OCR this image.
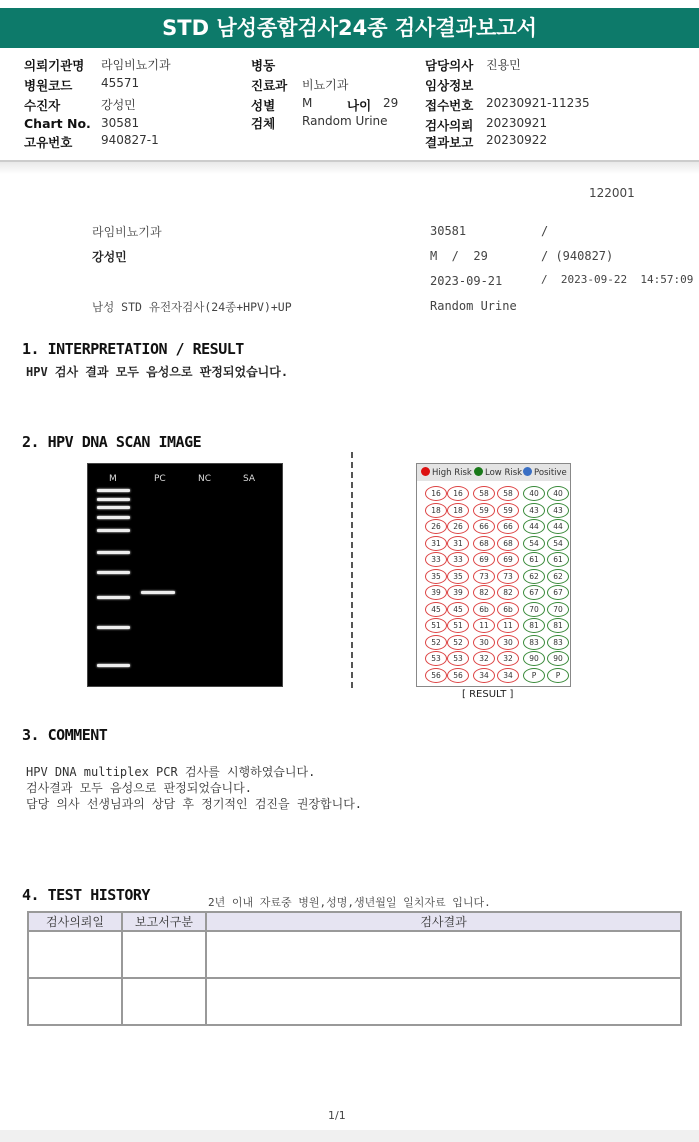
STD 남성종합검사24종 검사결과보고서
의뢰기관명 라임비뇨기과
병원코드 45571
수진자	강성민
Chart No. 30581
고유번호 940827-1
병동
진료과 비뇨기과
성별 M	나이 29
검체 Random Urine
담당의사 진용민
임상정보
접수번호 20230921-11235
검사의뢰 20230921
결과보고 20230922
122001
라임비뇨기과
강성민
남성 STD 유전자검사(24종+HPV)+UP
30581	/
M  /  29	/ (940827)
2023-09-21	/  2023-09-22  14:57:09
Random Urine
1. INTERPRETATION / RESULT
HPV 검사 결과 모두 음성으로 판정되었습니다.
2. HPV DNA SCAN IMAGE
M	PC	NC	SA
High Risk	Low Risk	Positive
16	16
18	18
26	26
31	31
33	33
35	35
39	39
45	45
51	51
52	52
53	53
56	56
58	58
59	59
66	66
68	68
69	69
73	73
82	82
6b	6b
11	11
30	30
32	32
34	34
40	40
43	43
44	44
54	54
61	61
62	62
67	67
70	70
81	81
83	83
90	90
P	P
[ RESULT ]
3. COMMENT
HPV DNA multiplex PCR 검사를 시행하였습니다.
검사결과 모두 음성으로 판정되었습니다.
담당 의사 선생님과의 상담 후 정기적인 검진을 권장합니다.
4. TEST HISTORY	2년 이내 자료중 병원,성명,생년월일 일치자료 입니다.
검사의뢰일	보고서구분	검사결과

1/1
